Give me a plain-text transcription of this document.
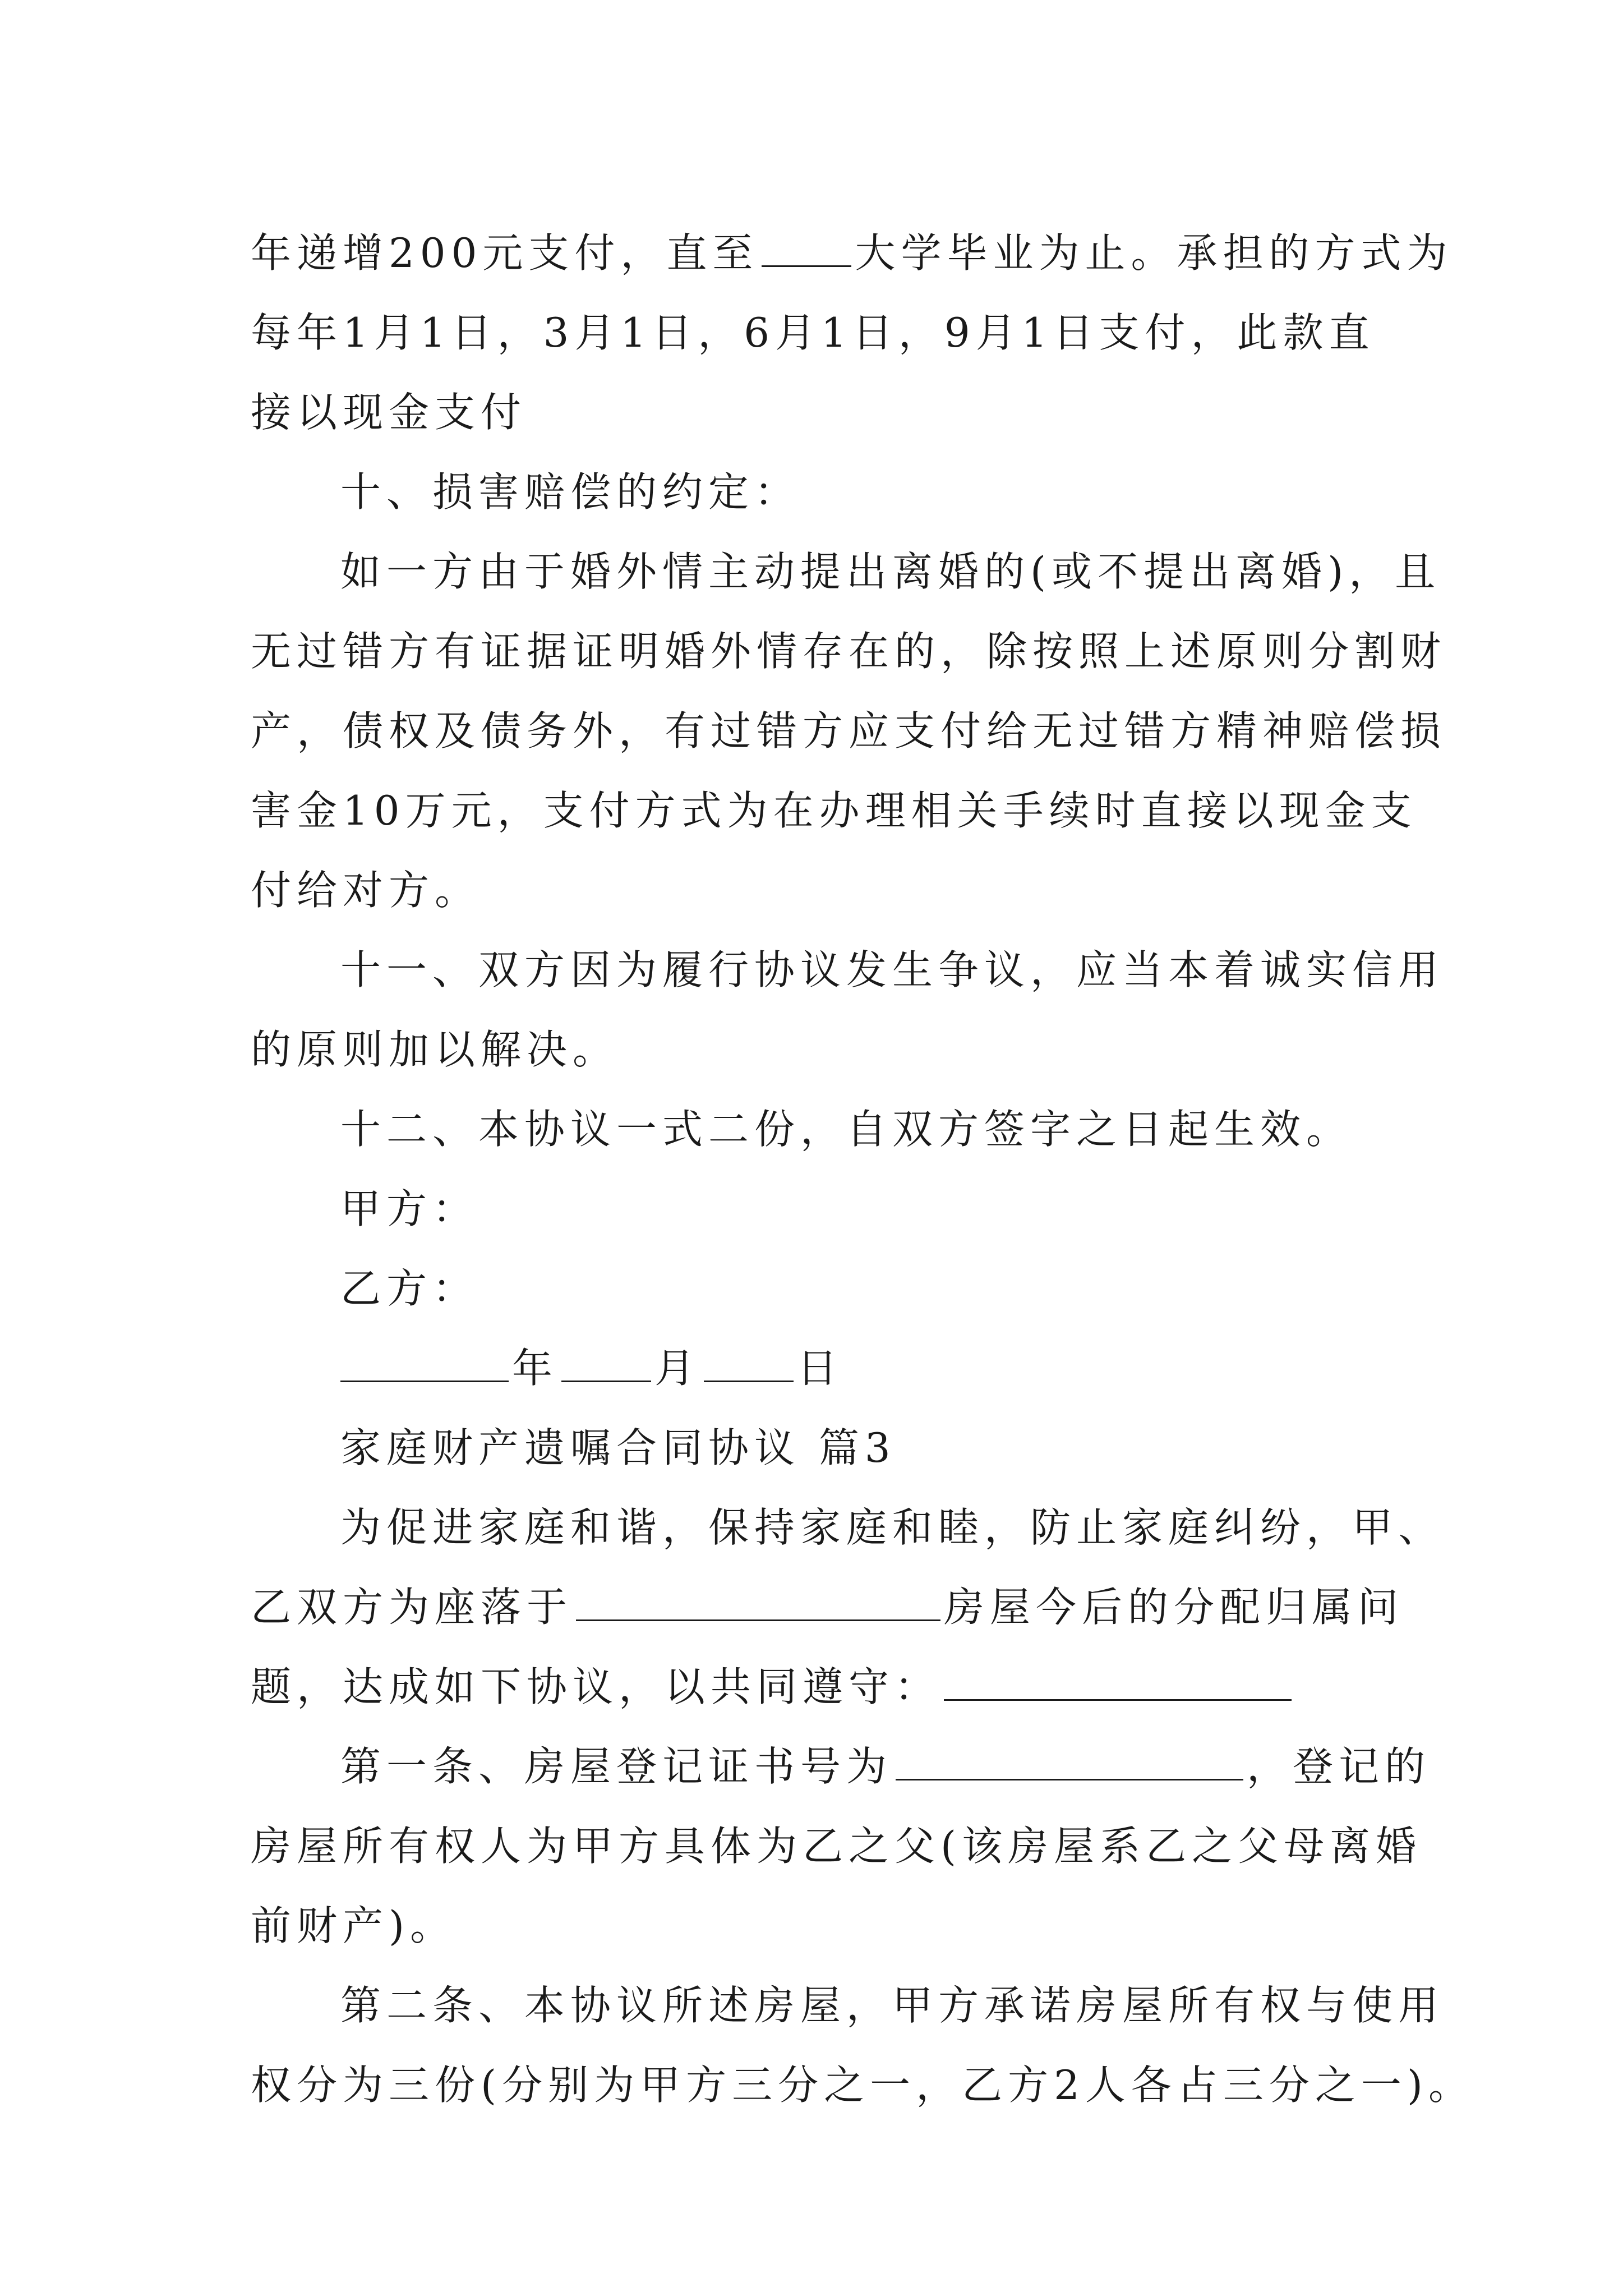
年递增200元支付，直至 大学毕业为止。承担的方式为

每年1月1日，3月1日，6月1日，9月1日支付，此款直

接以现金支付

十、损害赔偿的约定：

如一方由于婚外情主动提出离婚的(或不提出离婚)，且

无过错方有证据证明婚外情存在的，除按照上述原则分割财

产，债权及债务外，有过错方应支付给无过错方精神赔偿损

害金10万元，支付方式为在办理相关手续时直接以现金支

付给对方。

十一、双方因为履行协议发生争议，应当本着诚实信用

的原则加以解决。

十二、本协议一式二份，自双方签字之日起生效。

甲方：

乙方：

年 月 日

家庭财产遗嘱合同协议 篇3

为促进家庭和谐，保持家庭和睦，防止家庭纠纷，甲、

乙双方为座落于	房屋今后的分配归属问

题，达成如下协议，以共同遵守：

第一条、房屋登记证书号为	，登记的

房屋所有权人为甲方具体为乙之父(该房屋系乙之父母离婚

前财产)。

第二条、本协议所述房屋，甲方承诺房屋所有权与使用

权分为三份(分别为甲方三分之一，乙方2人各占三分之一)。
